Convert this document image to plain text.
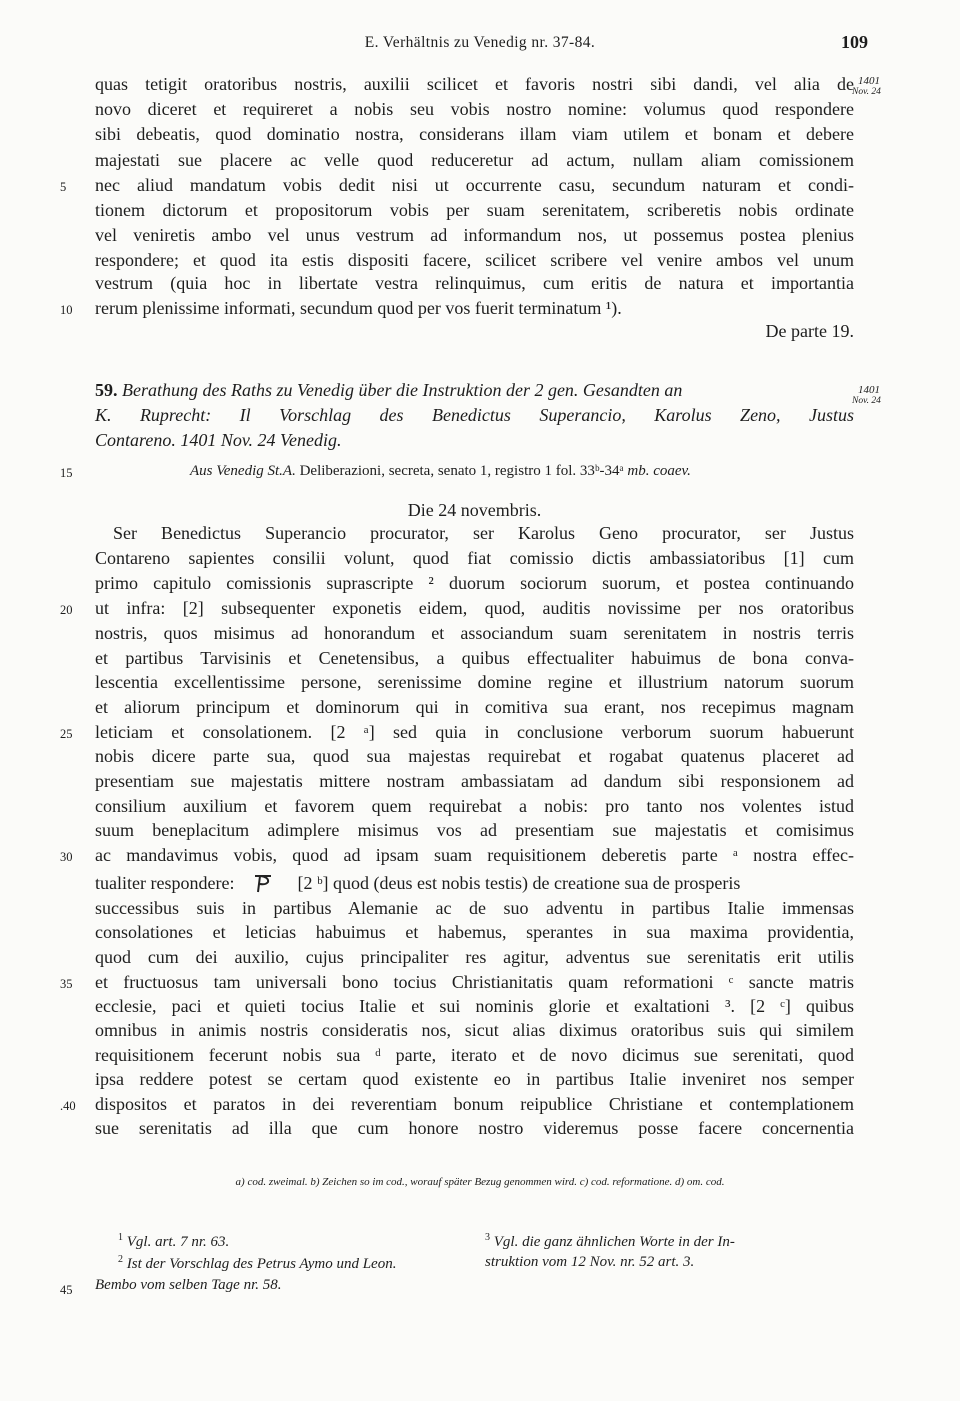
E. Verhältnis zu Venedig nr. 37-84.	109
1401
Nov. 24
quas tetigit oratoribus nostris, auxilii scilicet et favoris nostri sibi dandi, vel alia de
novo diceret et requireret a nobis seu vobis nostro nomine: volumus quod respondere
sibi debeatis, quod dominatio nostra, considerans illam viam utilem et bonam et debere
majestati sue placere ac velle quod reduceretur ad actum, nullam aliam comissionem
5 nec aliud mandatum vobis dedit nisi ut occurrente casu, secundum naturam et condi-
tionem dictorum et propositorum vobis per suam serenitatem, scriberetis nobis ordinate
vel veniretis ambo vel unus vestrum ad informandum nos, ut possemus postea plenius
respondere; et quod ita estis dispositi facere, scilicet scribere vel venire ambos vel unum
vestrum (quia hoc in libertate vestra relinquimus, cum eritis de natura et importantia
10 rerum plenissime informati, secundum quod per vos fuerit terminatum ¹).
De parte 19.
59. Berathung des Raths zu Venedig über die Instruktion der 2 gen. Gesandten an
K. Ruprecht: Il Vorschlag des Benedictus Superancio, Karolus Zeno, Justus
Contareno. 1401 Nov. 24 Venedig.
1401
Nov. 24
15	Aus Venedig St.A. Deliberazioni, secreta, senato 1, registro 1 fol. 33ᵇ-34ᵃ mb. coaev.
Die 24 novembris.
Ser Benedictus Superancio procurator, ser Karolus Geno procurator, ser Justus
Contareno sapientes consilii volunt, quod fiat comissio dictis ambassiatoribus [1] cum
primo capitulo comissionis suprascripte ² duorum sociorum suorum, et postea continuando
20 ut infra: [2] subsequenter exponetis eidem, quod, auditis novissime per nos oratoribus
nostris, quos misimus ad honorandum et associandum suam serenitatem in nostris terris
et partibus Tarvisinis et Cenetensibus, a quibus effectualiter habuimus de bona conva-
lescentia excellentissime persone, serenissime domine regine et illustrium natorum suorum
et aliorum principum et dominorum qui in comitiva sua erant, nos recepimus magnam
25 leticiam et consolationem. [2 ᵃ] sed quia in conclusione verborum suorum habuerunt
nobis dicere parte sua, quod sua majestas requirebat et rogabat quatenus placeret ad
presentiam sue majestatis mittere nostram ambassiatam ad dandum sibi responsionem ad
consilium auxilium et favorem quem requirebat a nobis: pro tanto nos volentes istud
suum beneplacitum adimplere misimus vos ad presentiam sue majestatis et comisimus
30 ac mandavimus vobis, quod ad ipsam suam requisitionem deberetis parte ᵃ nostra effec-
tualiter respondere:	[2 ᵇ] quod (deus est nobis testis) de creatione sua de prosperis
successibus suis in partibus Alemanie ac de suo adventu in partibus Italie immensas
consolationes et leticias habuimus et habemus, sperantes in sua maxima providentia,
quod cum dei auxilio, cujus principaliter res agitur, adventus sue serenitatis erit utilis
35 et fructuosus tam universali bono tocius Christianitatis quam reformationi ᶜ sancte matris
ecclesie, paci et quieti tocius Italie et sui nominis glorie et exaltationi ³. [2 ᶜ] quibus
omnibus in animis nostris consideratis nos, sicut alias diximus oratoribus suis qui similem
requisitionem fecerunt nobis sua ᵈ parte, iterato et de novo dicimus sue serenitati, quod
ipsa reddere potest se certam quod existente eo in partibus Italie inveniret nos semper
.40 dispositos et paratos in dei reverentiam bonum reipublice Christiane et contemplationem
sue serenitatis ad illa que cum honore nostro videremus posse facere concernentia
a) cod. zweimal. b) Zeichen so im cod., worauf später Bezug genommen wird. c) cod. reformatione. d) om. cod.
$^1$ Vgl. art. 7 nr. 63.
$^2$ Ist der Vorschlag des Petrus Aymo und Leon.
45 Bembo vom selben Tage nr. 58.
$^3$ Vgl. die ganz ähnlichen Worte in der In-
struktion vom 12 Nov. nr. 52 art. 3.
